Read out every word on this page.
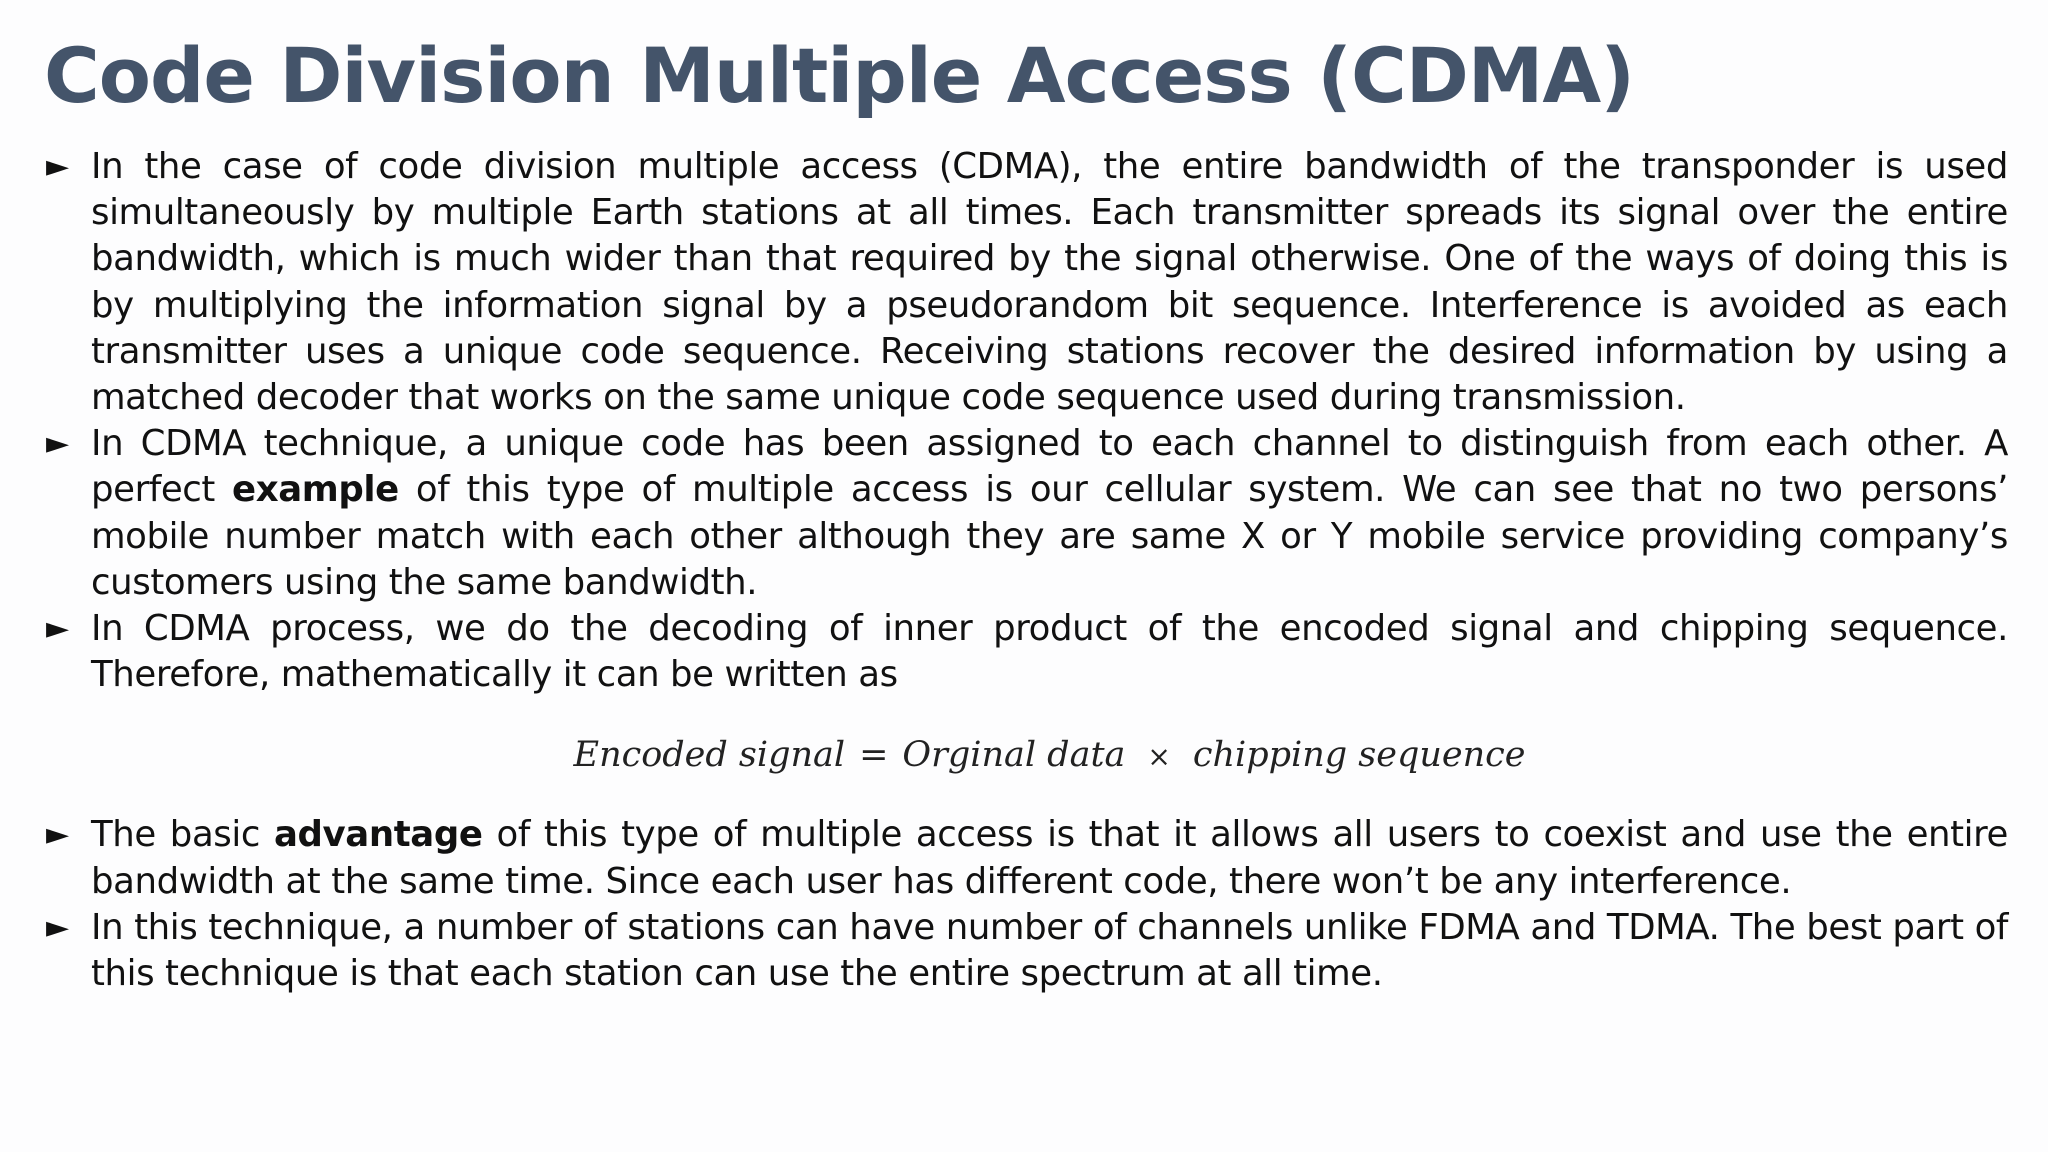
Code Division Multiple Access (CDMA)
► In the case of code division multiple access (CDMA), the entire bandwidth of the transponder is used simultaneously by multiple Earth stations at all times. Each transmitter spreads its signal over the entire bandwidth, which is much wider than that required by the signal otherwise. One of the ways of doing this is by multiplying the information signal by a pseudorandom bit sequence. Interference is avoided as each transmitter uses a unique code sequence. Receiving stations recover the desired information by using a matched decoder that works on the same unique code sequence used during transmission.
► In CDMA technique, a unique code has been assigned to each channel to distinguish from each other. A perfect example of this type of multiple access is our cellular system. We can see that no two persons’ mobile number match with each other although they are same X or Y mobile service providing company’s customers using the same bandwidth.
► In CDMA process, we do the decoding of inner product of the encoded signal and chipping sequence. Therefore, mathematically it can be written as
Encoded signal = Orginal data × chipping sequence
► The basic advantage of this type of multiple access is that it allows all users to coexist and use the entire bandwidth at the same time. Since each user has different code, there won’t be any interference.
► In this technique, a number of stations can have number of channels unlike FDMA and TDMA. The best part of this technique is that each station can use the entire spectrum at all time.
